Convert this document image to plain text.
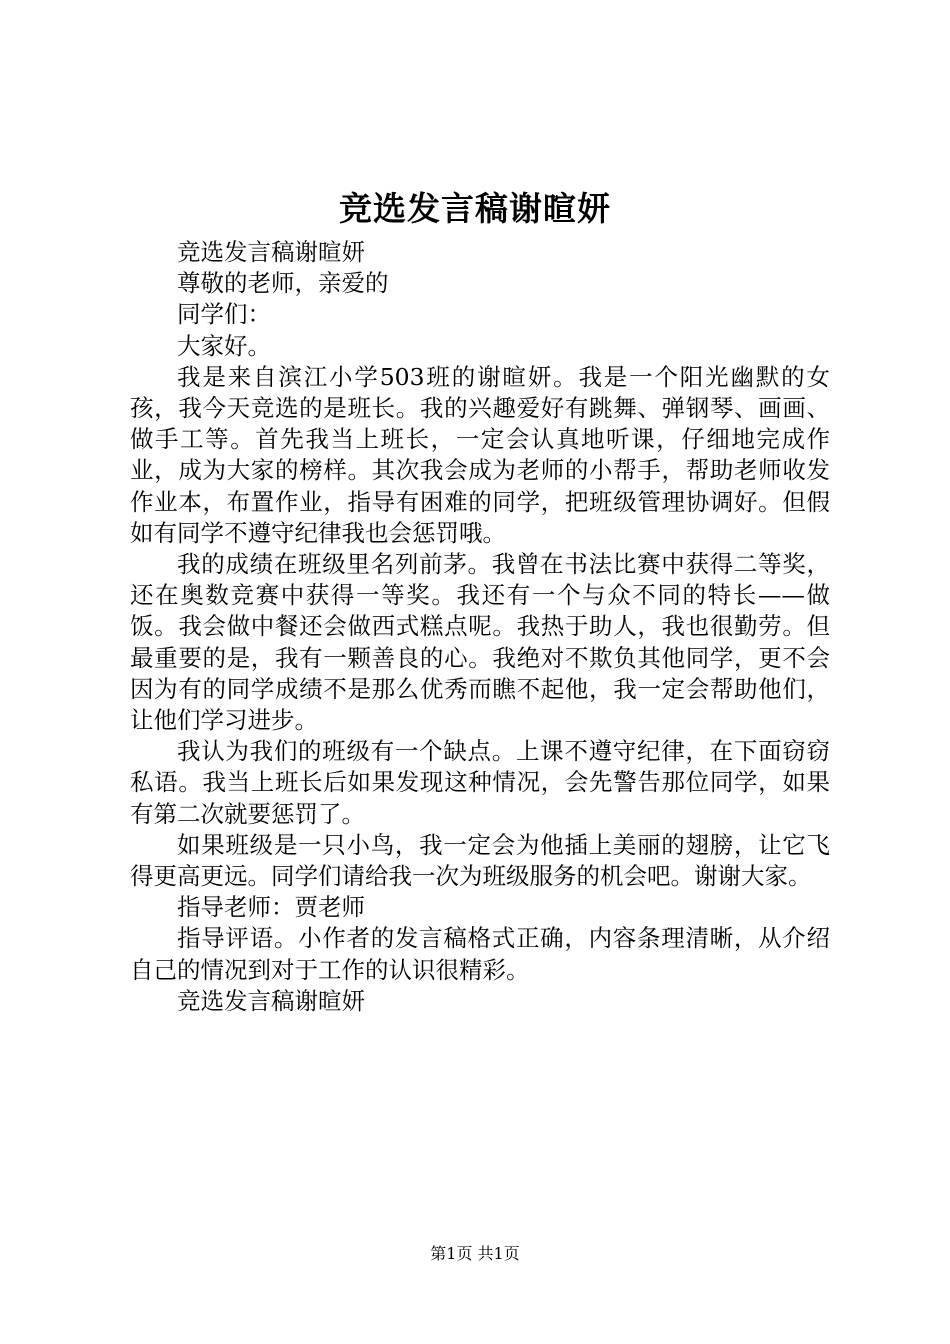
竞选发言稿谢暄妍

竞选发言稿谢暄妍

尊敬的老师，亲爱的

同学们：

大家好。

我是来自滨江小学503班的谢暄妍。我是一个阳光幽默的女孩，我今天竞选的是班长。我的兴趣爱好有跳舞、弹钢琴、画画、做手工等。首先我当上班长，一定会认真地听课，仔细地完成作业，成为大家的榜样。其次我会成为老师的小帮手，帮助老师收发作业本，布置作业，指导有困难的同学，把班级管理协调好。但假如有同学不遵守纪律我也会惩罚哦。

我的成绩在班级里名列前茅。我曾在书法比赛中获得二等奖，还在奥数竞赛中获得一等奖。我还有一个与众不同的特长——做饭。我会做中餐还会做西式糕点呢。我热于助人，我也很勤劳。但最重要的是，我有一颗善良的心。我绝对不欺负其他同学，更不会因为有的同学成绩不是那么优秀而瞧不起他，我一定会帮助他们，让他们学习进步。

我认为我们的班级有一个缺点。上课不遵守纪律，在下面窃窃私语。我当上班长后如果发现这种情况，会先警告那位同学，如果有第二次就要惩罚了。

如果班级是一只小鸟，我一定会为他插上美丽的翅膀，让它飞得更高更远。同学们请给我一次为班级服务的机会吧。谢谢大家。

指导老师：贾老师

指导评语。小作者的发言稿格式正确，内容条理清晰，从介绍自己的情况到对于工作的认识很精彩。

竞选发言稿谢暄妍

第1页 共1页
